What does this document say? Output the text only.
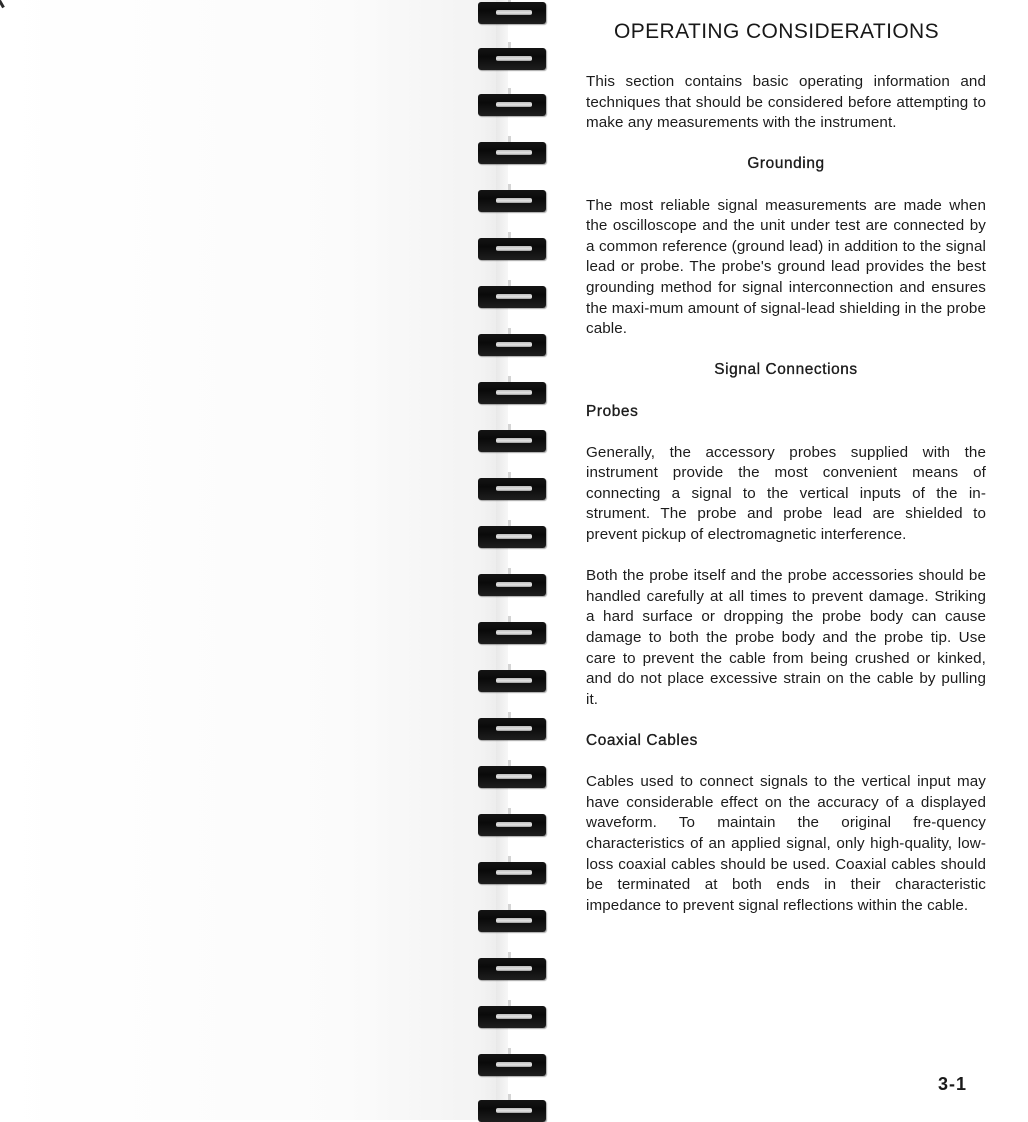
OPERATING CONSIDERATIONS

This section contains basic operating information and techniques that should be considered before attempting to make any measurements with the instrument.

Grounding

The most reliable signal measurements are made when the oscilloscope and the unit under test are connected by a common reference (ground lead) in addition to the signal lead or probe. The probe's ground lead provides the best grounding method for signal interconnection and ensures the maxi-mum amount of signal-lead shielding in the probe cable.

Signal Connections
Probes

Generally, the accessory probes supplied with the instrument provide the most convenient means of connecting a signal to the vertical inputs of the in-strument. The probe and probe lead are shielded to prevent pickup of electromagnetic interference.

Both the probe itself and the probe accessories should be handled carefully at all times to prevent damage. Striking a hard surface or dropping the probe body can cause damage to both the probe body and the probe tip. Use care to prevent the cable from being crushed or kinked, and do not place excessive strain on the cable by pulling it.

Coaxial Cables

Cables used to connect signals to the vertical input may have considerable effect on the accuracy of a displayed waveform. To maintain the original fre-quency characteristics of an applied signal, only high-quality, low-loss coaxial cables should be used. Coaxial cables should be terminated at both ends in their characteristic impedance to prevent signal reflections within the cable.

3-1
